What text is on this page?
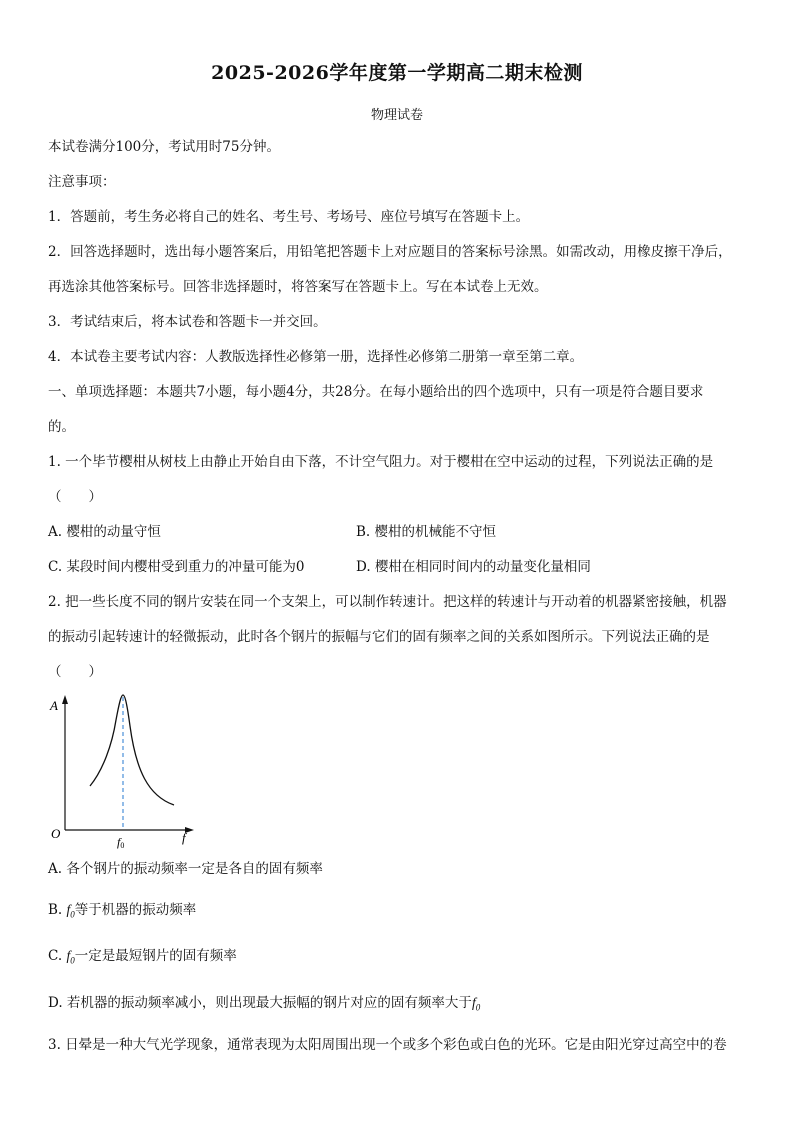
2025-2026学年度第一学期高二期末检测
物理试卷
本试卷满分100分，考试用时75分钟。
注意事项：
1．答题前，考生务必将自己的姓名、考生号、考场号、座位号填写在答题卡上。
2．回答选择题时，选出每小题答案后，用铅笔把答题卡上对应题目的答案标号涂黑。如需改动，用橡皮擦干净后，
再选涂其他答案标号。回答非选择题时，将答案写在答题卡上。写在本试卷上无效。
3．考试结束后，将本试卷和答题卡一并交回。
4．本试卷主要考试内容：人教版选择性必修第一册，选择性必修第二册第一章至第二章。
一、单项选择题：本题共7小题，每小题4分，共28分。在每小题给出的四个选项中，只有一项是符合题目要求
的。
1. 一个毕节樱柑从树枝上由静止开始自由下落，不计空气阻力。对于樱柑在空中运动的过程，下列说法正确的是
（　　）
A. 樱柑的动量守恒	B. 樱柑的机械能不守恒
C. 某段时间内樱柑受到重力的冲量可能为0	D. 樱柑在相同时间内的动量变化量相同
2. 把一些长度不同的钢片安装在同一个支架上，可以制作转速计。把这样的转速计与开动着的机器紧密接触，机器
的振动引起转速计的轻微振动，此时各个钢片的振幅与它们的固有频率之间的关系如图所示。下列说法正确的是
（　　）
A
O	f
f0
A. 各个钢片的振动频率一定是各自的固有频率
B. $f_0$等于机器的振动频率
C. $f_0$一定是最短钢片的固有频率
D. 若机器的振动频率减小，则出现最大振幅的钢片对应的固有频率大于$f_0$
3. 日晕是一种大气光学现象，通常表现为太阳周围出现一个或多个彩色或白色的光环。它是由阳光穿过高空中的卷
